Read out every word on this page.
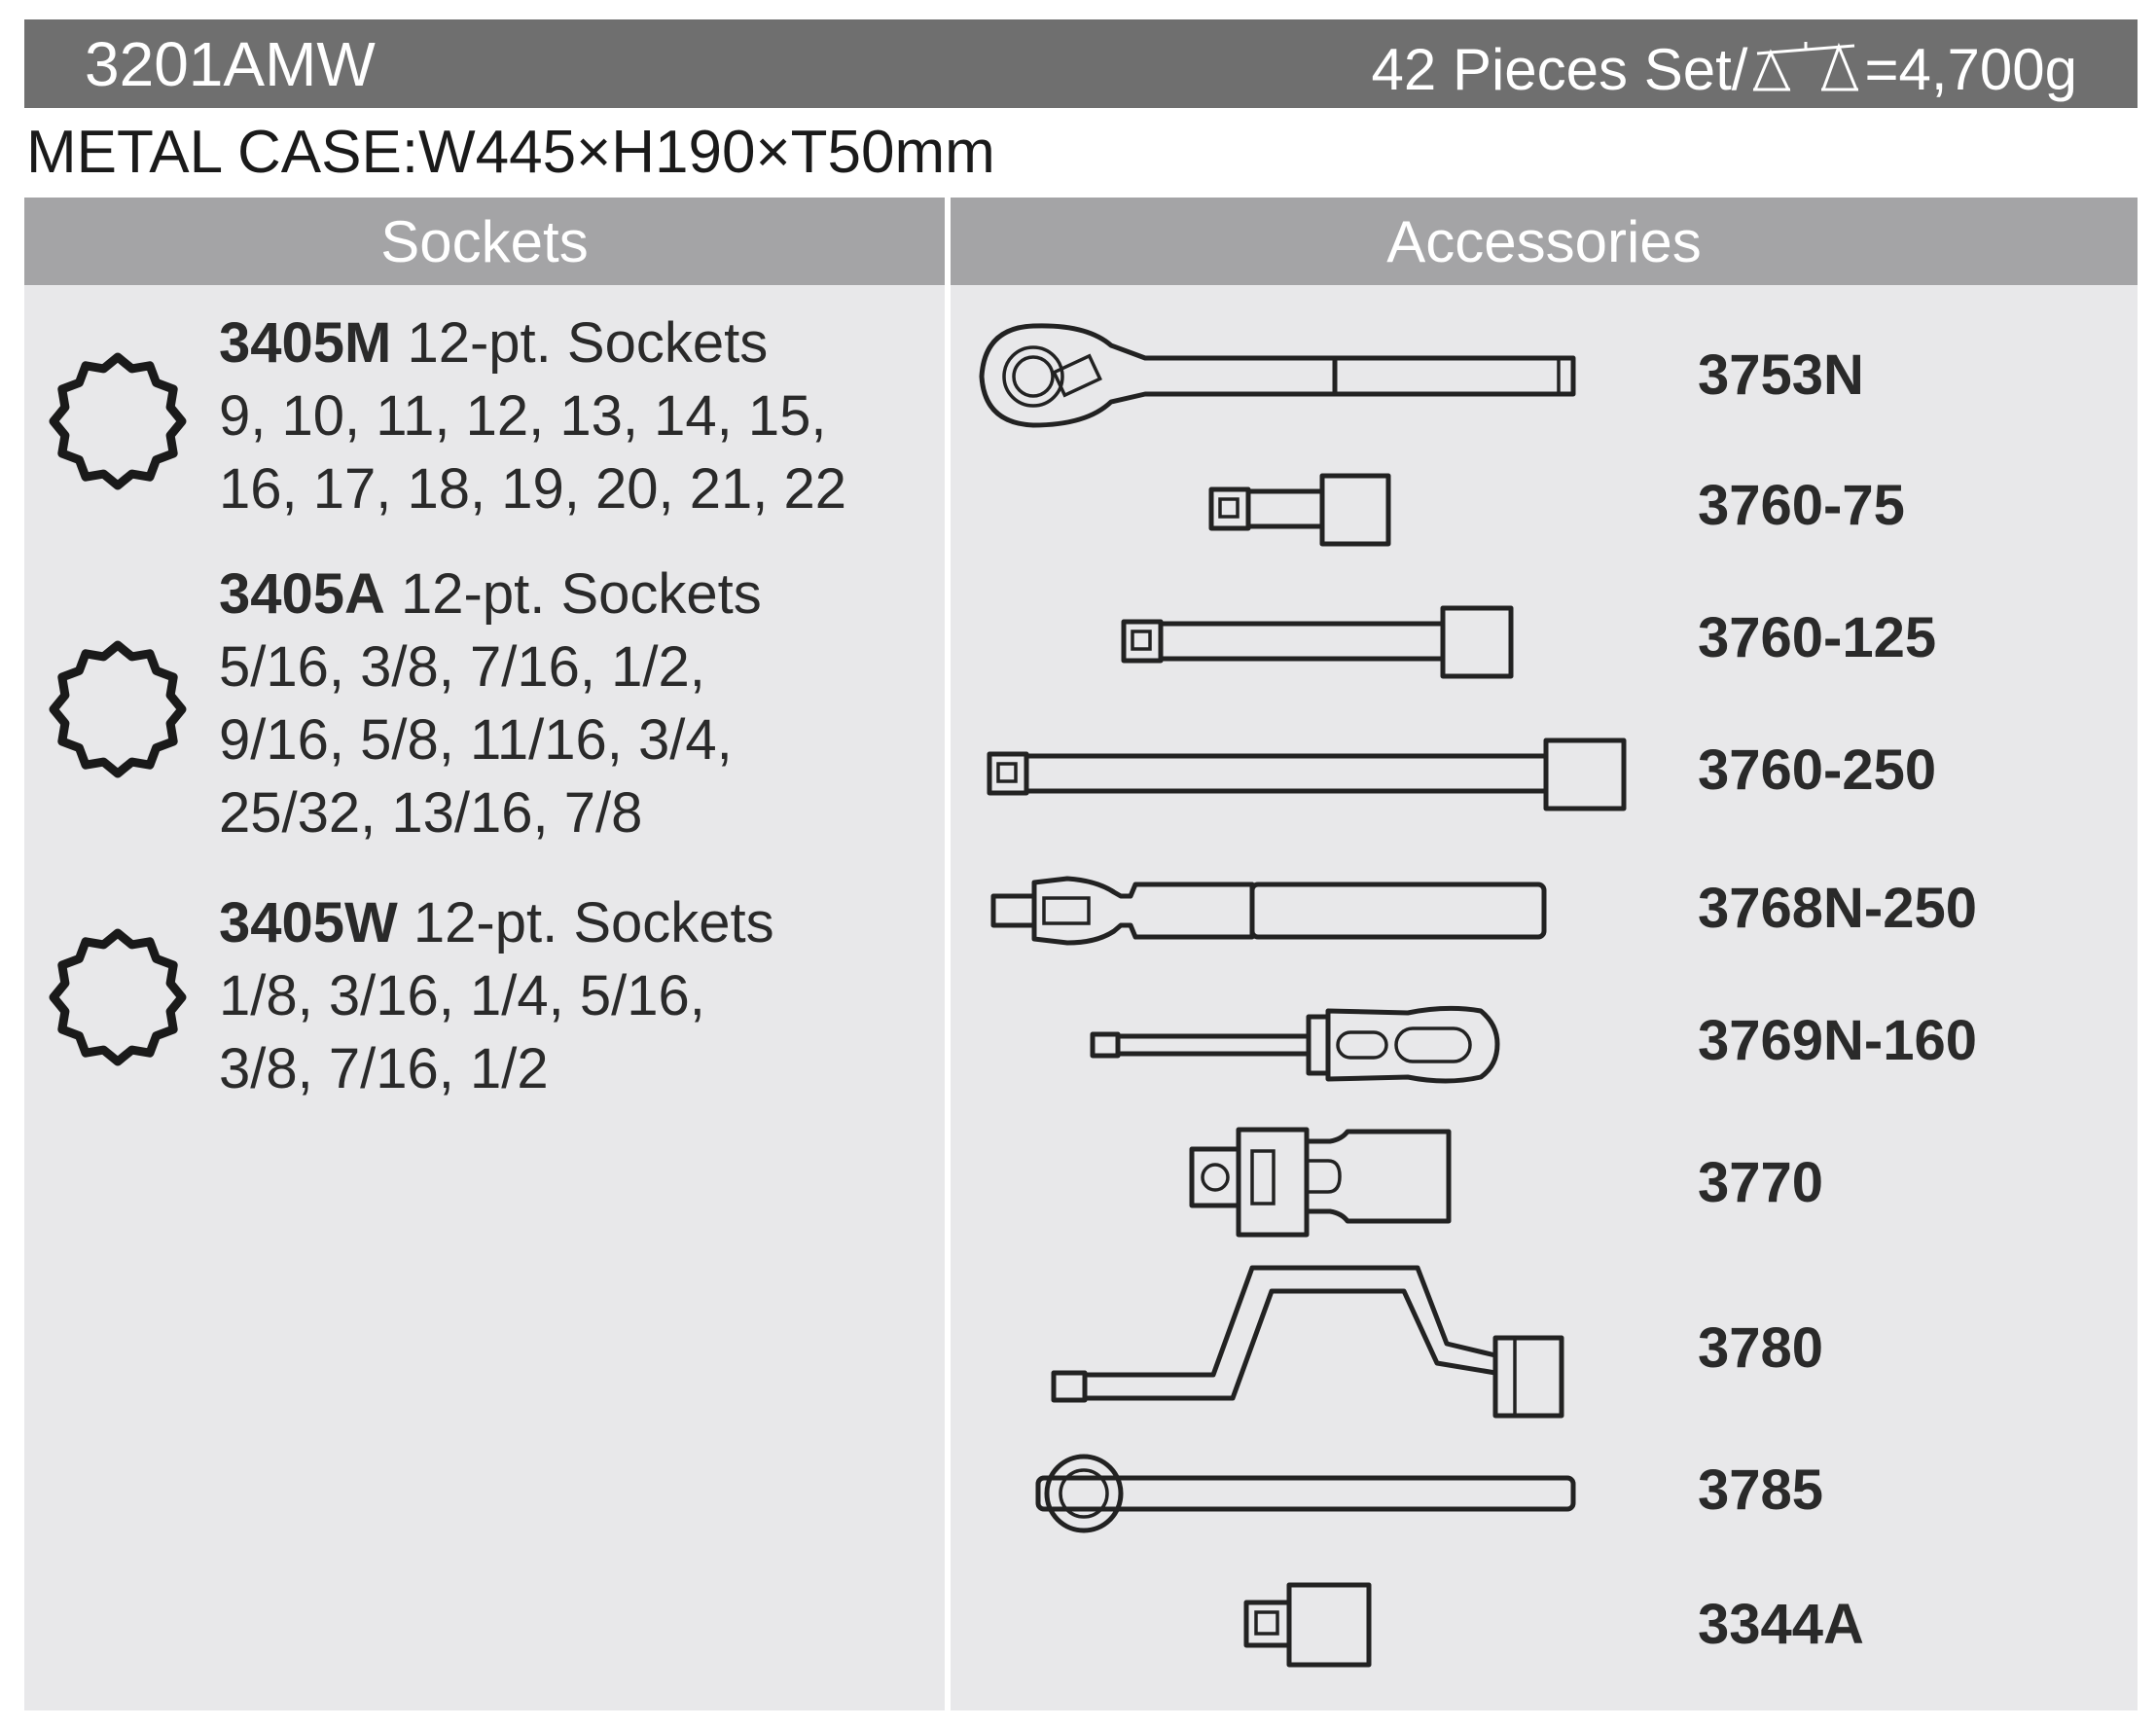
3201AMW	42 Pieces Set/ =4,700g
METAL CASE:W445×H190×T50mm
Sockets
3405M 12-pt. Sockets
9, 10, 11, 12, 13, 14, 15,
16, 17, 18, 19, 20, 21, 22
3405A 12-pt. Sockets
5/16, 3/8, 7/16, 1/2,
9/16, 5/8, 11/16, 3/4,
25/32, 13/16, 7/8
3405W 12-pt. Sockets
1/8, 3/16, 1/4, 5/16,
3/8, 7/16, 1/2
Accessories
3753N
3760-75
3760-125
3760-250
3768N-250
3769N-160
3770
3780
3785
3344A
